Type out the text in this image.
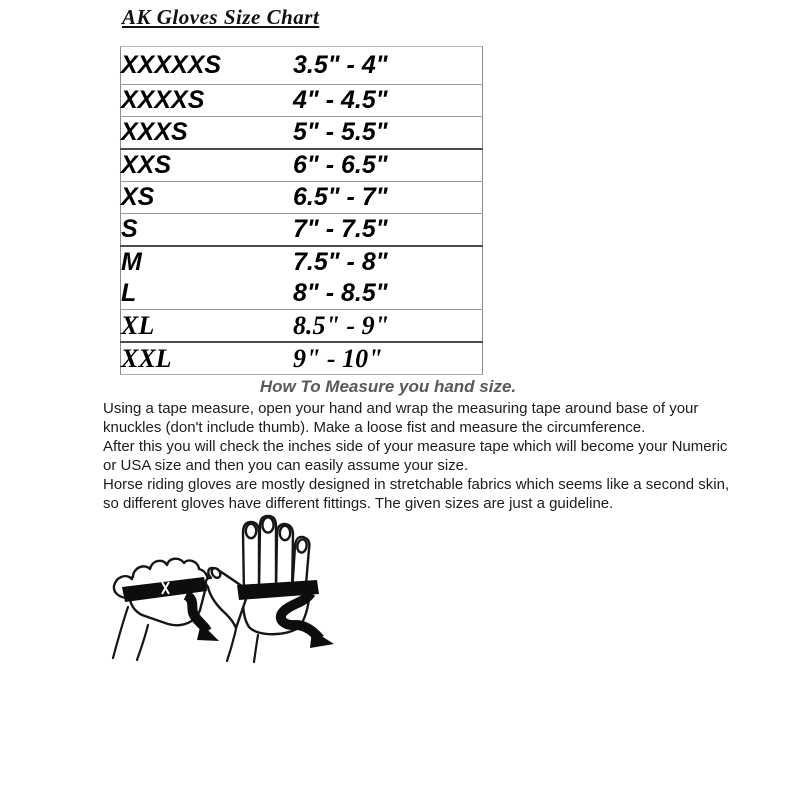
AK Gloves Size Chart
XXXXXS	3.5" - 4"
XXXXS	4" - 4.5"
XXXS	5" - 5.5"
XXS	6" - 6.5"
XS	6.5" - 7"
S	7" - 7.5"
M	7.5" - 8"
L	8" - 8.5"
XL	8.5" - 9"
XXL	9" - 10"
How To Measure you hand size.
Using a tape measure, open your hand and wrap the measuring tape around base of your
knuckles (don't include thumb). Make a loose fist and measure the circumference.
After this you will check the inches side of your measure tape which will become your Numeric
or USA size and then you can easily assume your size.
Horse riding gloves are mostly designed in stretchable fabrics which seems like a second skin,
so different gloves have different fittings. The given sizes are just a guideline.
